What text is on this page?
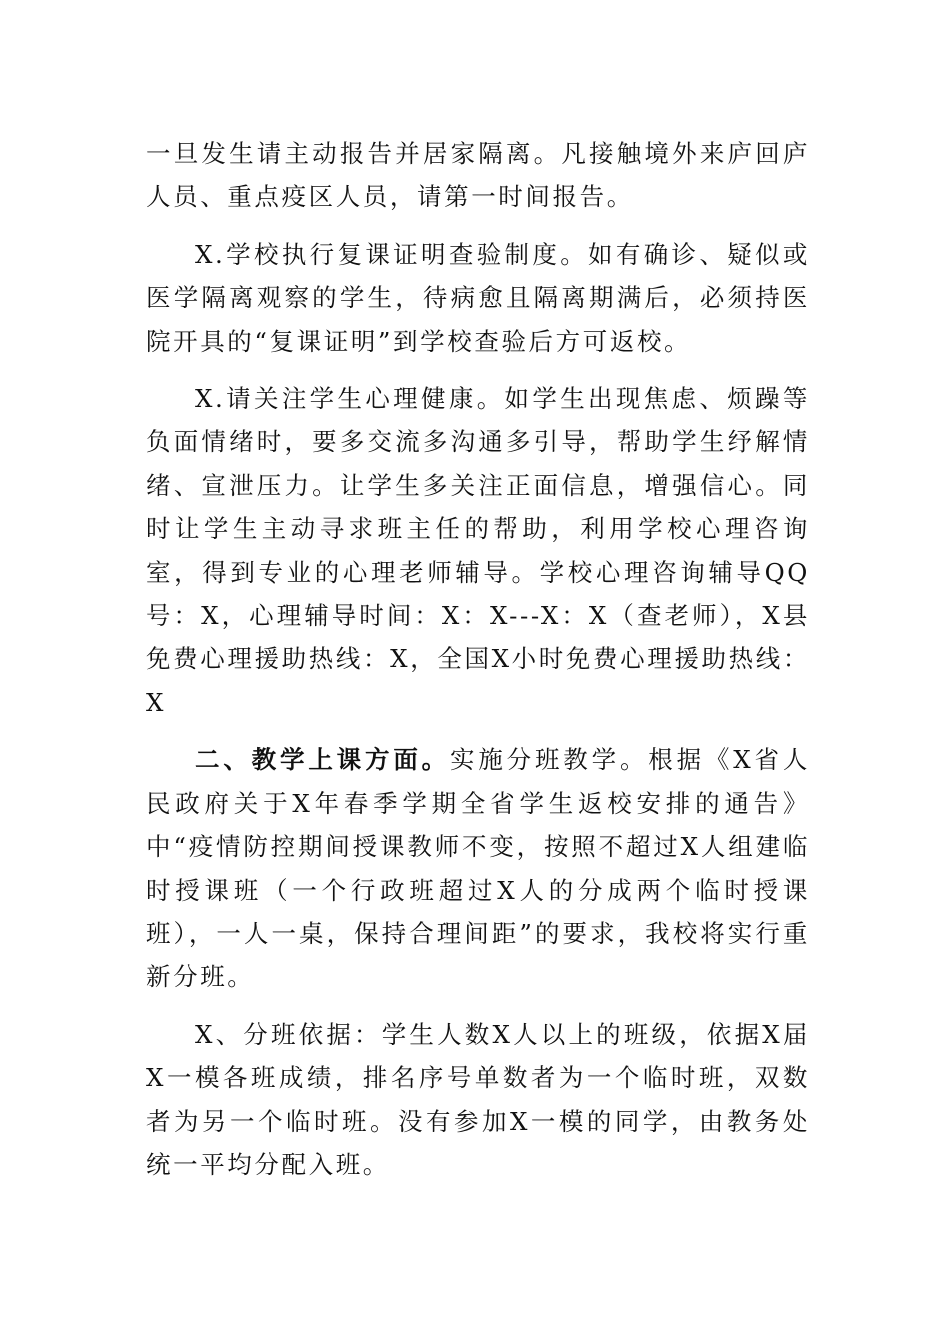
一旦发生请主动报告并居家隔离。凡接触境外来庐回庐人员、重点疫区人员，请第一时间报告。

X.学校执行复课证明查验制度。如有确诊、疑似或医学隔离观察的学生，待病愈且隔离期满后，必须持医院开具的“复课证明”到学校查验后方可返校。

X.请关注学生心理健康。如学生出现焦虑、烦躁等负面情绪时，要多交流多沟通多引导，帮助学生纾解情绪、宣泄压力。让学生多关注正面信息，增强信心。同时让学生主动寻求班主任的帮助，利用学校心理咨询室，得到专业的心理老师辅导。学校心理咨询辅导QQ号：X，心理辅导时间：X：X---X：X（查老师），X县免费心理援助热线：X，全国X小时免费心理援助热线：X

二、教学上课方面。实施分班教学。根据《X省人民政府关于X年春季学期全省学生返校安排的通告》中“疫情防控期间授课教师不变，按照不超过X人组建临时授课班（一个行政班超过X人的分成两个临时授课班），一人一桌，保持合理间距”的要求，我校将实行重新分班。

X、分班依据：学生人数X人以上的班级，依据X届X一模各班成绩，排名序号单数者为一个临时班，双数者为另一个临时班。没有参加X一模的同学，由教务处统一平均分配入班。
